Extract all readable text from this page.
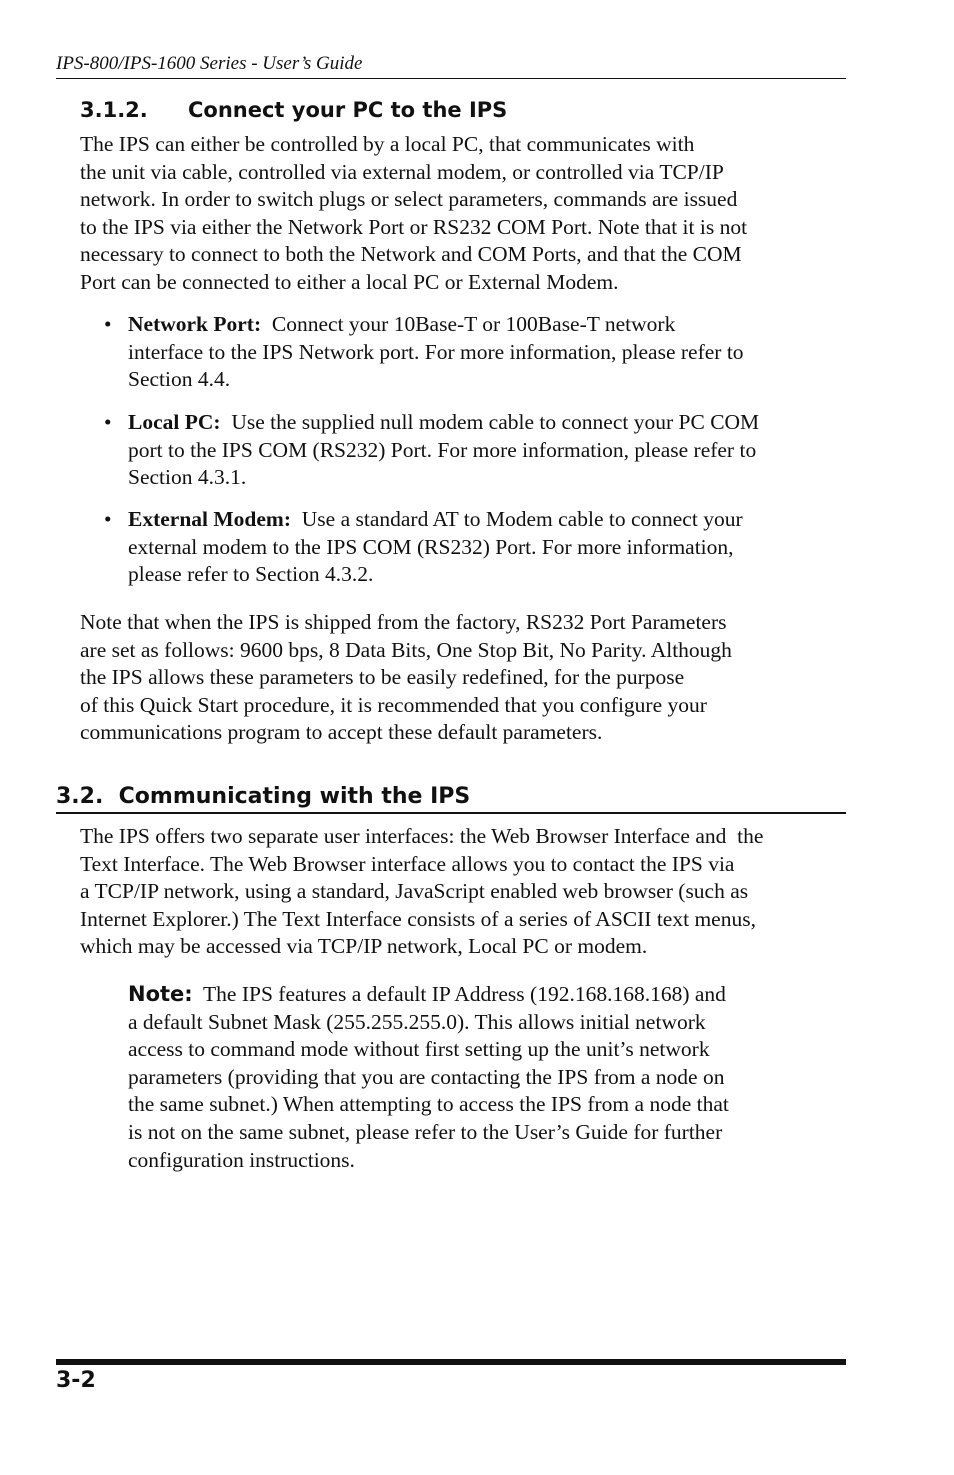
IPS-800/IPS-1600 Series - User’s Guide
3.1.2. Connect your PC to the IPS
The IPS can either be controlled by a local PC, that communicates with
the unit via cable, controlled via external modem, or controlled via TCP/IP
network. In order to switch plugs or select parameters, commands are issued
to the IPS via either the Network Port or RS232 COM Port. Note that it is not
necessary to connect to both the Network and COM Ports, and that the COM
Port can be connected to either a local PC or External Modem.
• Network Port:  Connect your 10Base-T or 100Base-T network
interface to the IPS Network port. For more information, please refer to
Section 4.4.
• Local PC:  Use the supplied null modem cable to connect your PC COM
port to the IPS COM (RS232) Port. For more information, please refer to
Section 4.3.1.
• External Modem:  Use a standard AT to Modem cable to connect your
external modem to the IPS COM (RS232) Port. For more information,
please refer to Section 4.3.2.
Note that when the IPS is shipped from the factory, RS232 Port Parameters
are set as follows: 9600 bps, 8 Data Bits, One Stop Bit, No Parity. Although
the IPS allows these parameters to be easily redefined, for the purpose
of this Quick Start procedure, it is recommended that you configure your
communications program to accept these default parameters.
3.2.  Communicating with the IPS
The IPS offers two separate user interfaces: the Web Browser Interface and  the
Text Interface. The Web Browser interface allows you to contact the IPS via
a TCP/IP network, using a standard, JavaScript enabled web browser (such as
Internet Explorer.) The Text Interface consists of a series of ASCII text menus,
which may be accessed via TCP/IP network, Local PC or modem.
Note:  The IPS features a default IP Address (192.168.168.168) and
a default Subnet Mask (255.255.255.0). This allows initial network
access to command mode without first setting up the unit’s network
parameters (providing that you are contacting the IPS from a node on
the same subnet.) When attempting to access the IPS from a node that
is not on the same subnet, please refer to the User’s Guide for further
configuration instructions.
3-2
